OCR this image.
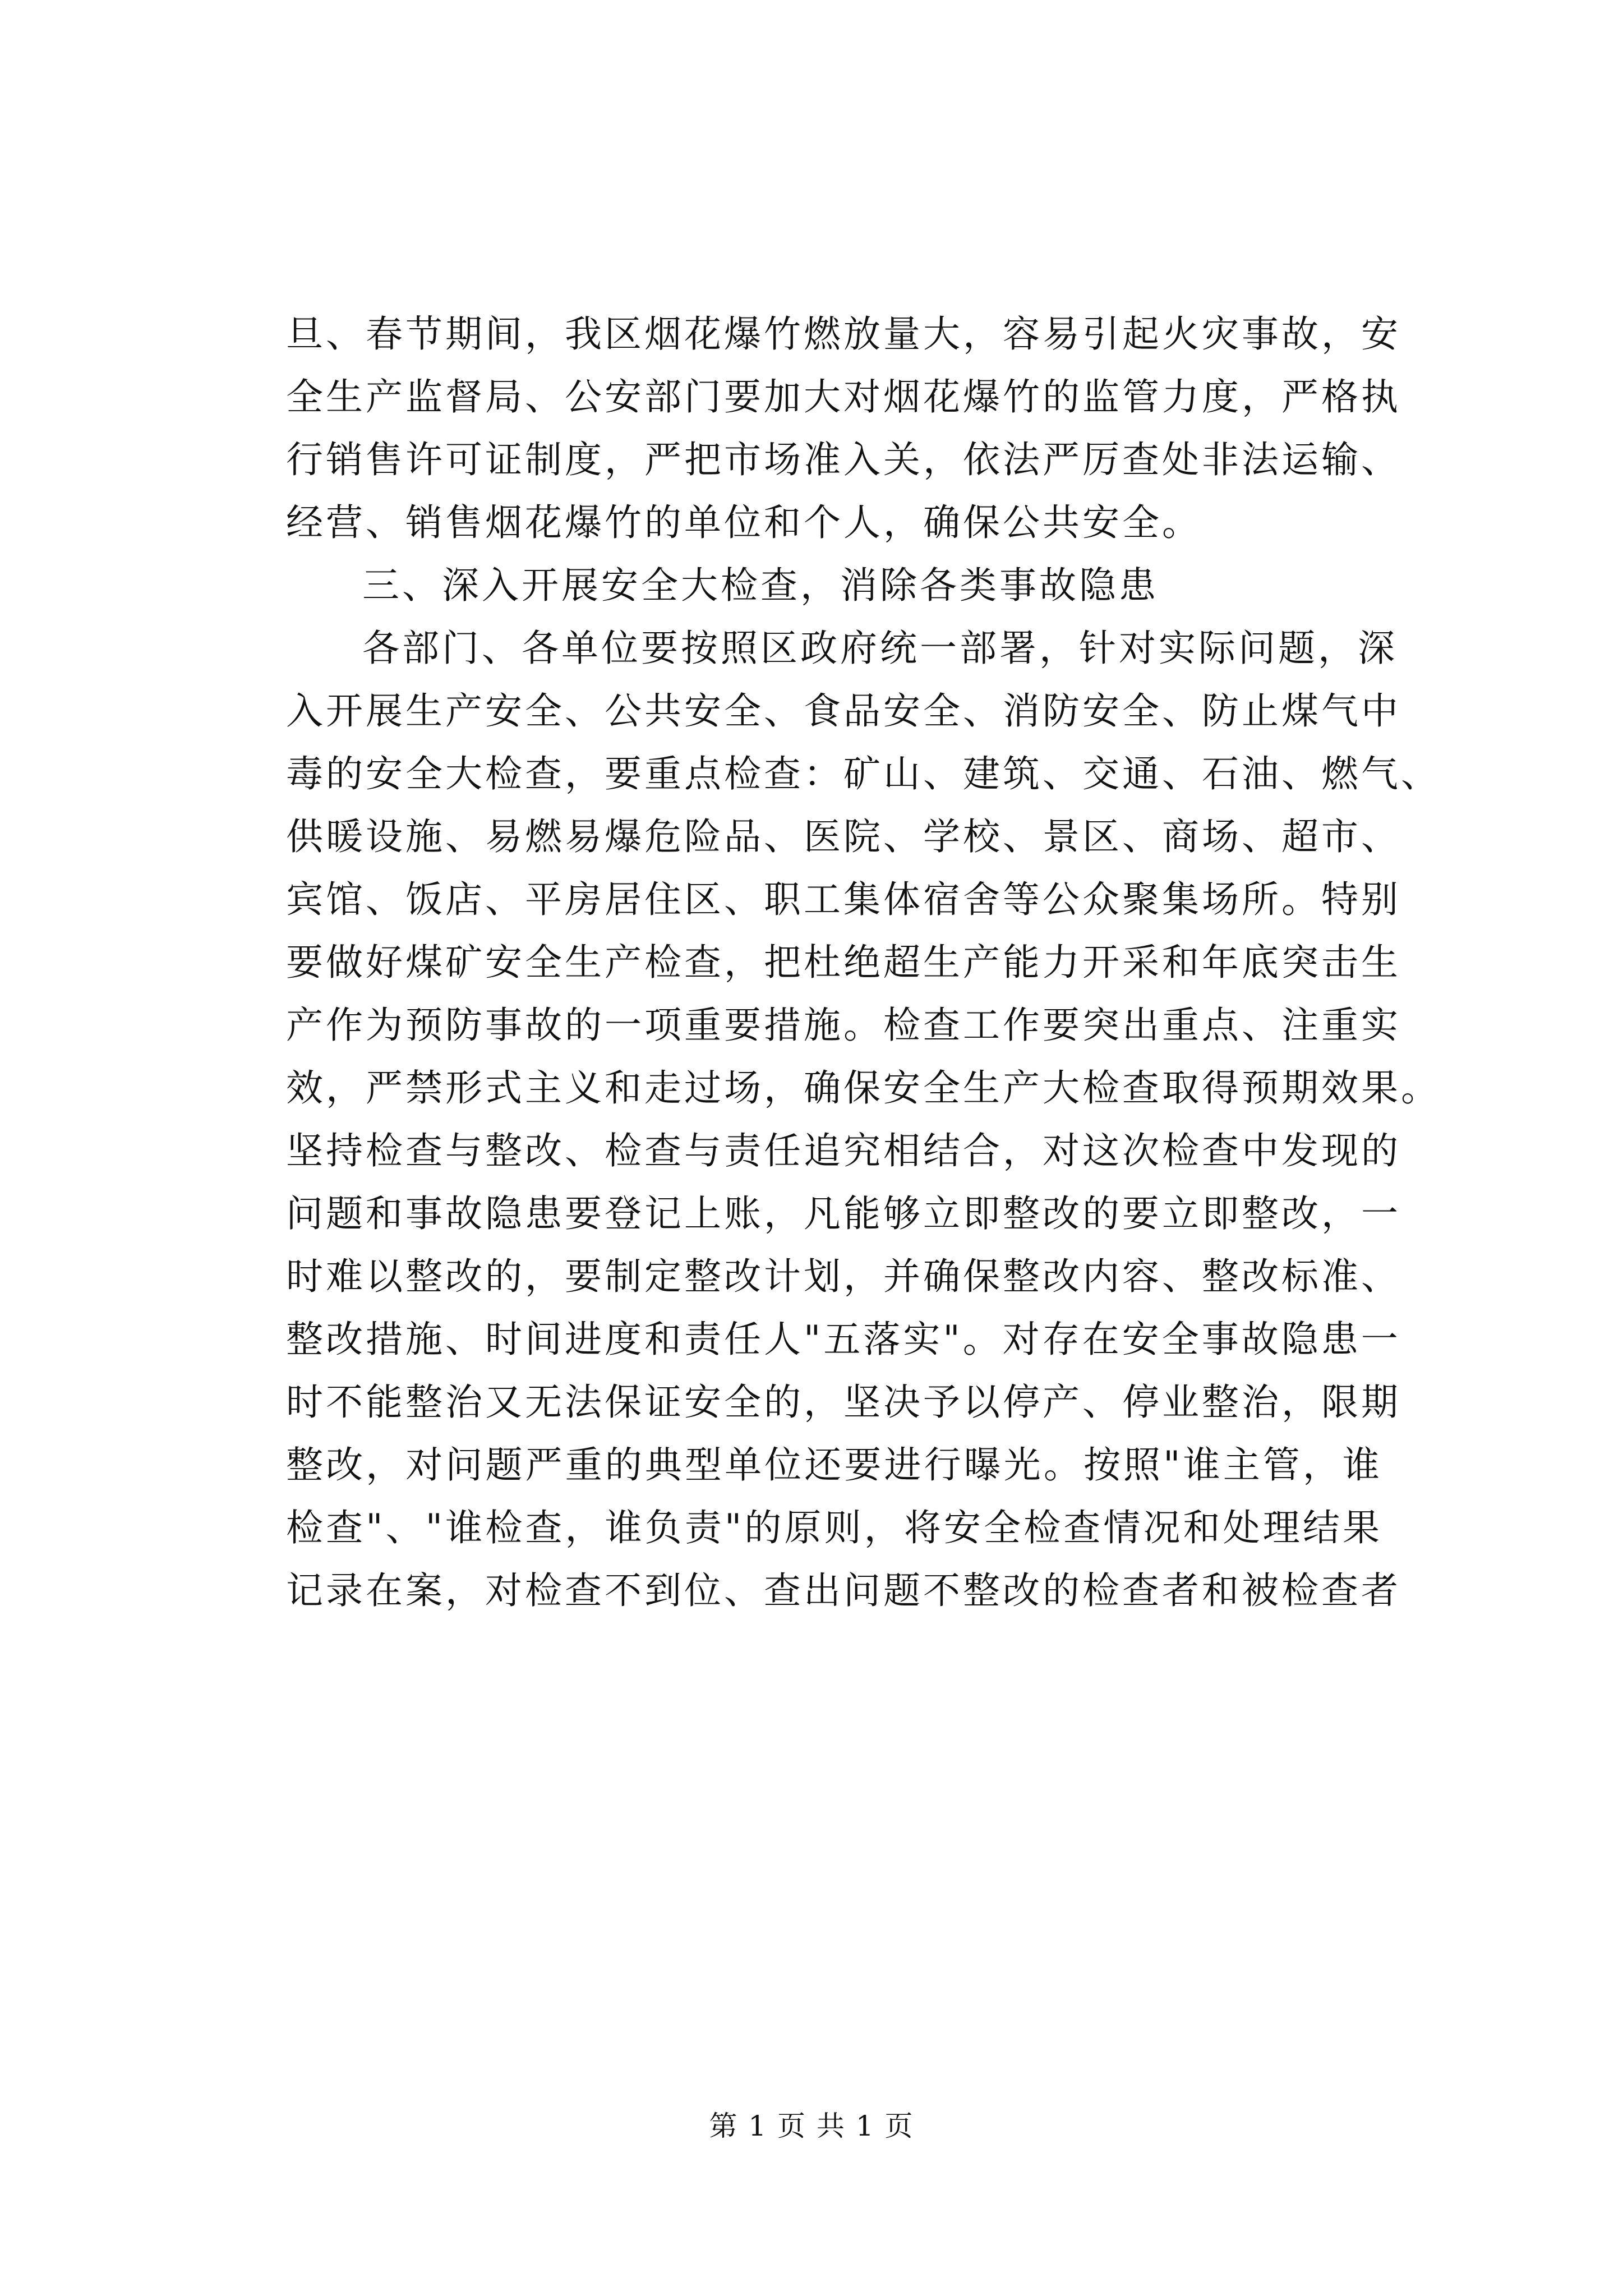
旦、春节期间，我区烟花爆竹燃放量大，容易引起火灾事故，安
全生产监督局、公安部门要加大对烟花爆竹的监管力度，严格执
行销售许可证制度，严把市场准入关，依法严厉查处非法运输、
经营、销售烟花爆竹的单位和个人，确保公共安全。
三、深入开展安全大检查，消除各类事故隐患
各部门、各单位要按照区政府统一部署，针对实际问题，深
入开展生产安全、公共安全、食品安全、消防安全、防止煤气中
毒的安全大检查，要重点检查：矿山、建筑、交通、石油、燃气、
供暖设施、易燃易爆危险品、医院、学校、景区、商场、超市、
宾馆、饭店、平房居住区、职工集体宿舍等公众聚集场所。特别
要做好煤矿安全生产检查，把杜绝超生产能力开采和年底突击生
产作为预防事故的一项重要措施。检查工作要突出重点、注重实
效，严禁形式主义和走过场，确保安全生产大检查取得预期效果。
坚持检查与整改、检查与责任追究相结合，对这次检查中发现的
问题和事故隐患要登记上账，凡能够立即整改的要立即整改，一
时难以整改的，要制定整改计划，并确保整改内容、整改标准、
整改措施、时间进度和责任人"五落实"。对存在安全事故隐患一
时不能整治又无法保证安全的，坚决予以停产、停业整治，限期
整改，对问题严重的典型单位还要进行曝光。按照"谁主管，谁
检查"、"谁检查，谁负责"的原则，将安全检查情况和处理结果
记录在案，对检查不到位、查出问题不整改的检查者和被检查者
第 1 页 共 1 页
